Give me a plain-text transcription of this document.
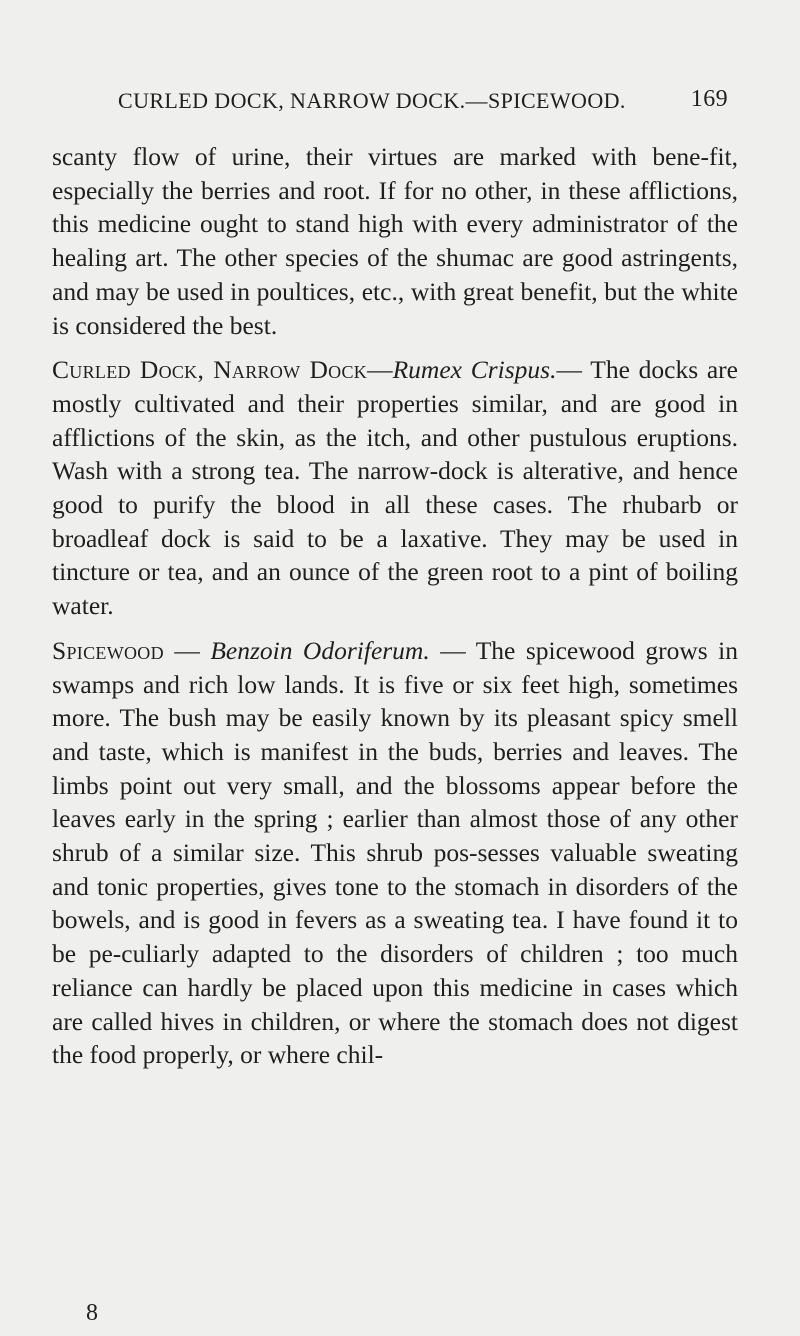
CURLED DOCK, NARROW DOCK.—SPICEWOOD.	169

scanty flow of urine, their virtues are marked with bene-fit, especially the berries and root. If for no other, in these afflictions, this medicine ought to stand high with every administrator of the healing art. The other species of the shumac are good astringents, and may be used in poultices, etc., with great benefit, but the white is considered the best.

Curled Dock, Narrow Dock—Rumex Crispus.— The docks are mostly cultivated and their properties similar, and are good in afflictions of the skin, as the itch, and other pustulous eruptions. Wash with a strong tea. The narrow-dock is alterative, and hence good to purify the blood in all these cases. The rhubarb or broadleaf dock is said to be a laxative. They may be used in tincture or tea, and an ounce of the green root to a pint of boiling water.

Spicewood — Benzoin Odoriferum. — The spicewood grows in swamps and rich low lands. It is five or six feet high, sometimes more. The bush may be easily known by its pleasant spicy smell and taste, which is manifest in the buds, berries and leaves. The limbs point out very small, and the blossoms appear before the leaves early in the spring ; earlier than almost those of any other shrub of a similar size. This shrub pos-sesses valuable sweating and tonic properties, gives tone to the stomach in disorders of the bowels, and is good in fevers as a sweating tea. I have found it to be pe-culiarly adapted to the disorders of children ; too much reliance can hardly be placed upon this medicine in cases which are called hives in children, or where the stomach does not digest the food properly, or where chil-

8
